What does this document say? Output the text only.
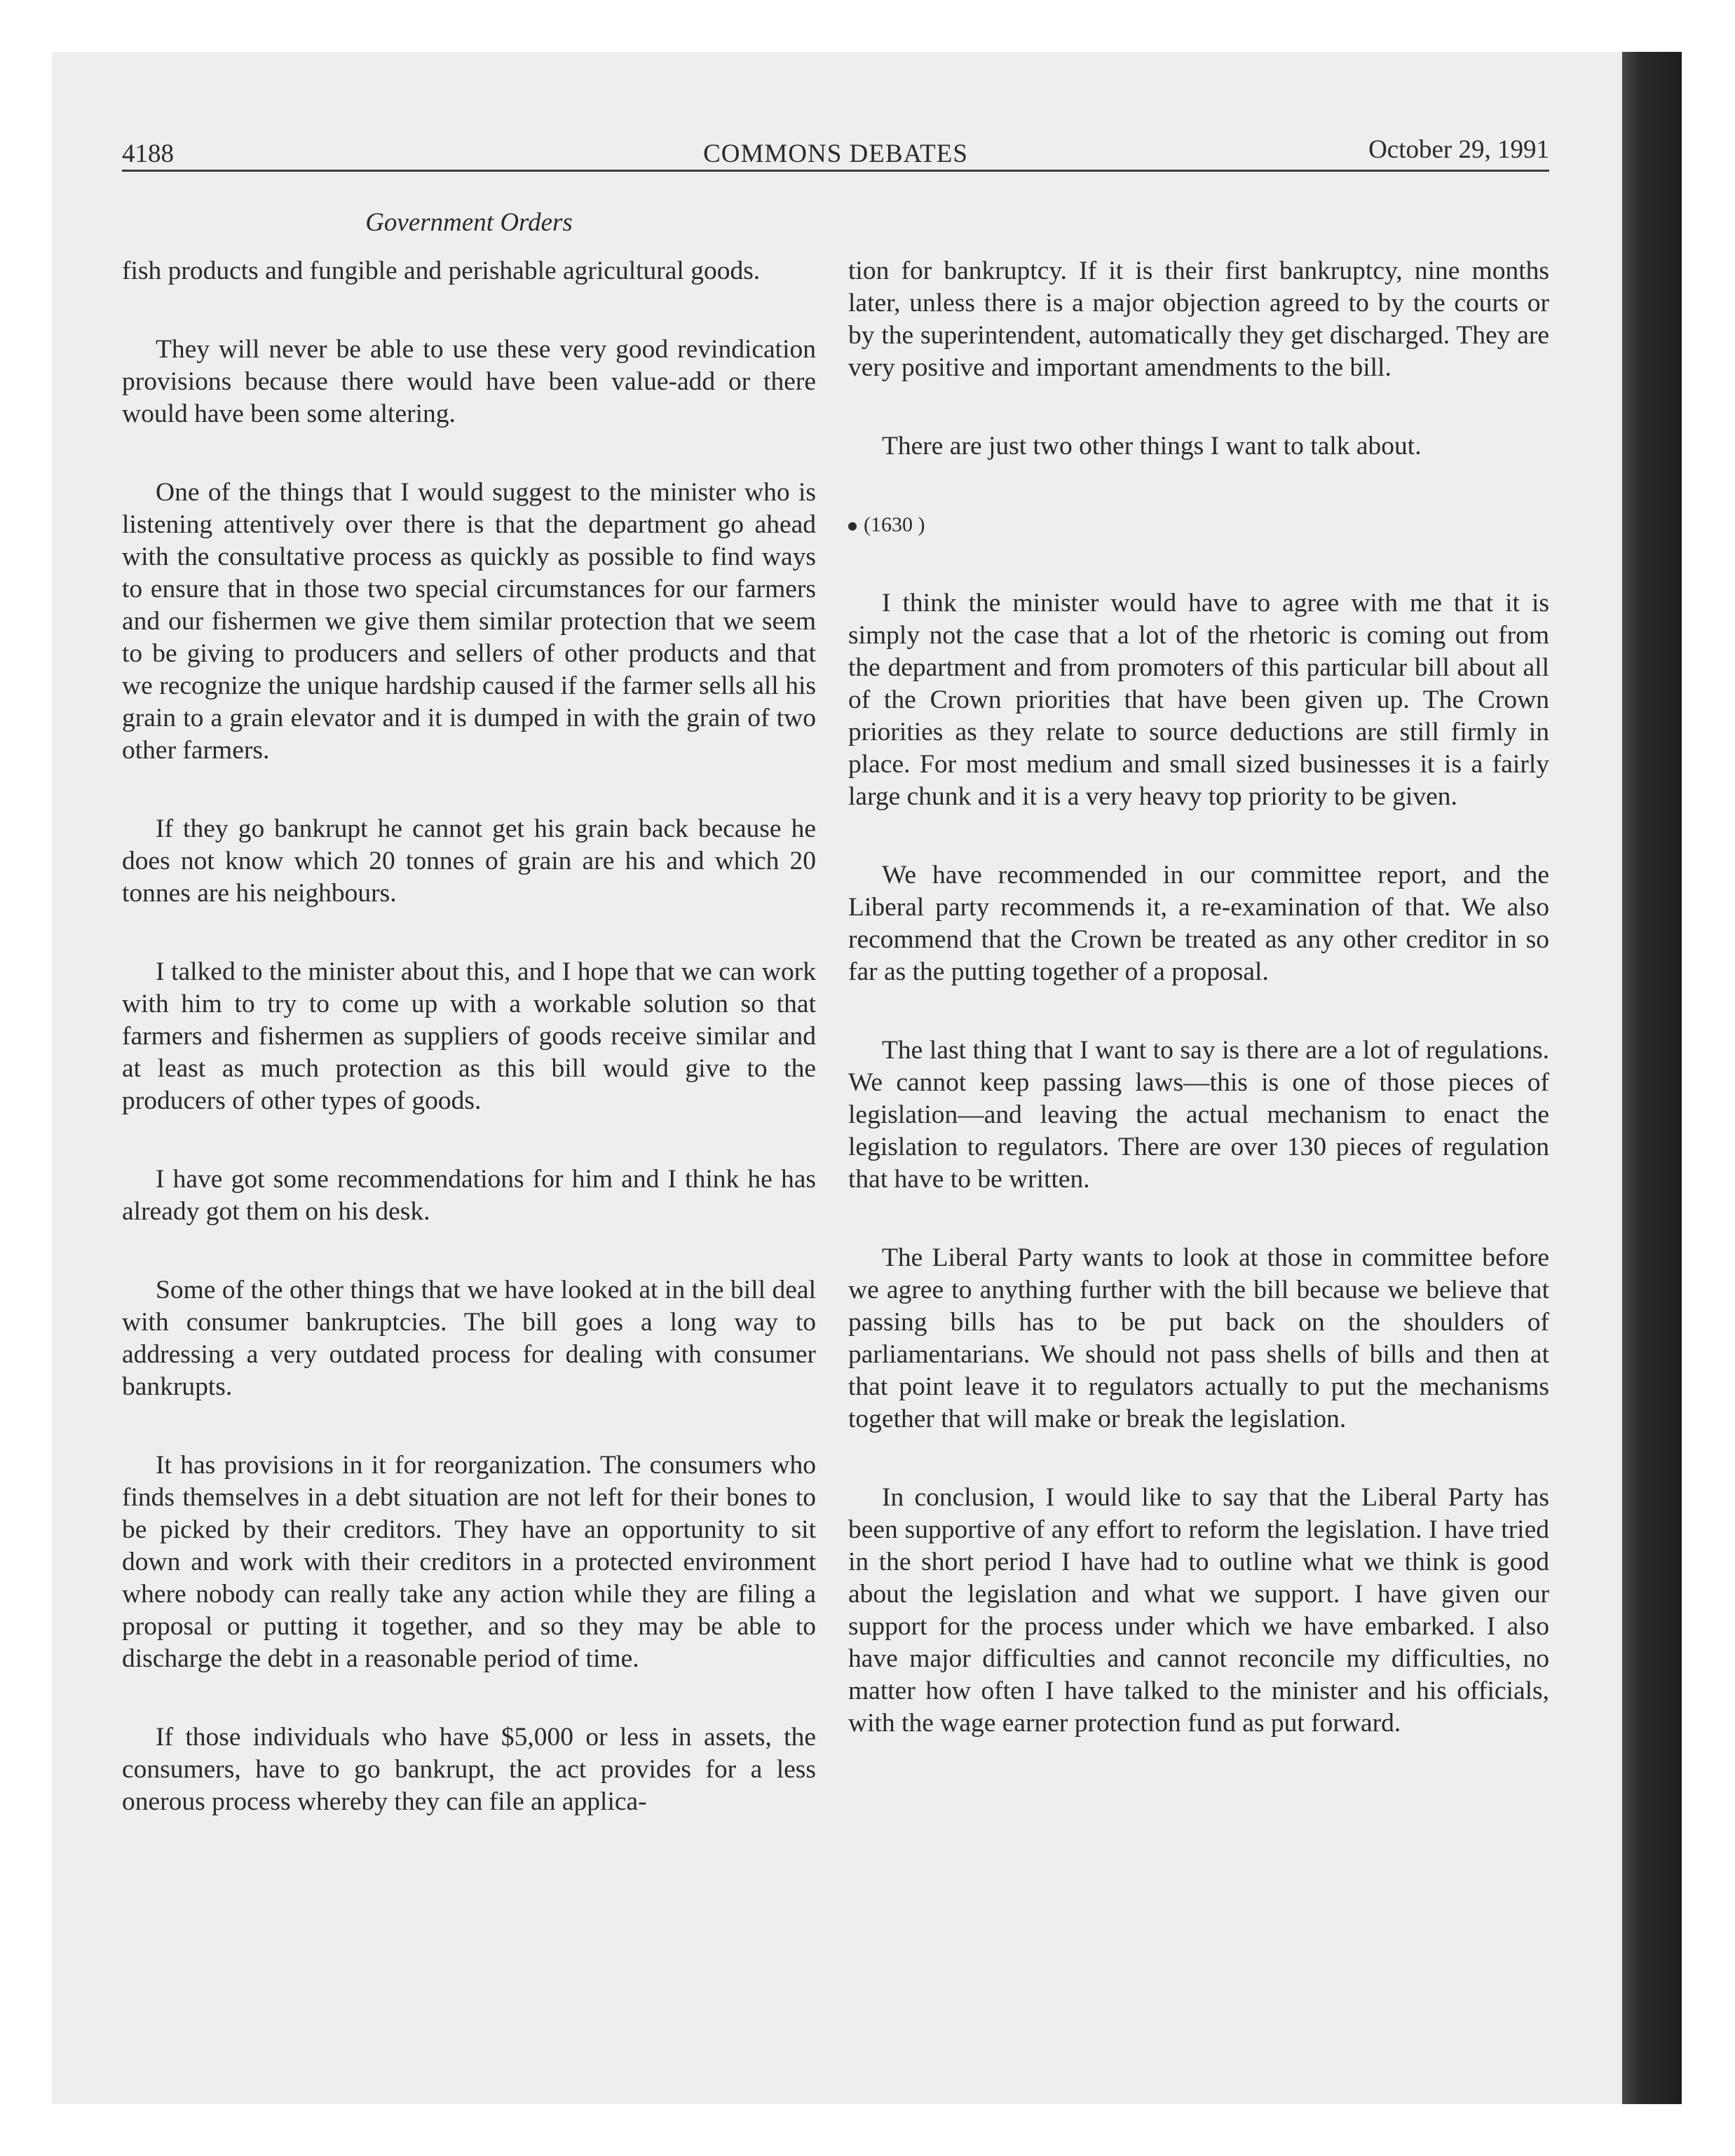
4188	COMMONS DEBATES	October 29, 1991
Government Orders

fish products and fungible and perishable agricultural goods.

They will never be able to use these very good revindication provisions because there would have been value-add or there would have been some altering.

One of the things that I would suggest to the minister who is listening attentively over there is that the department go ahead with the consultative process as quickly as possible to find ways to ensure that in those two special circumstances for our farmers and our fishermen we give them similar protection that we seem to be giving to producers and sellers of other products and that we recognize the unique hardship caused if the farmer sells all his grain to a grain elevator and it is dumped in with the grain of two other farmers.

If they go bankrupt he cannot get his grain back because he does not know which 20 tonnes of grain are his and which 20 tonnes are his neighbours.

I talked to the minister about this, and I hope that we can work with him to try to come up with a workable solution so that farmers and fishermen as suppliers of goods receive similar and at least as much protection as this bill would give to the producers of other types of goods.

I have got some recommendations for him and I think he has already got them on his desk.

Some of the other things that we have looked at in the bill deal with consumer bankruptcies. The bill goes a long way to addressing a very outdated process for dealing with consumer bankrupts.

It has provisions in it for reorganization. The consumers who finds themselves in a debt situation are not left for their bones to be picked by their creditors. They have an opportunity to sit down and work with their creditors in a protected environment where nobody can really take any action while they are filing a proposal or putting it together, and so they may be able to discharge the debt in a reasonable period of time.

If those individuals who have $5,000 or less in assets, the consumers, have to go bankrupt, the act provides for a less onerous process whereby they can file an applica-

tion for bankruptcy. If it is their first bankruptcy, nine months later, unless there is a major objection agreed to by the courts or by the superintendent, automatically they get discharged. They are very positive and important amendments to the bill.

There are just two other things I want to talk about.

(1630 )

I think the minister would have to agree with me that it is simply not the case that a lot of the rhetoric is coming out from the department and from promoters of this particular bill about all of the Crown priorities that have been given up. The Crown priorities as they relate to source deductions are still firmly in place. For most medium and small sized businesses it is a fairly large chunk and it is a very heavy top priority to be given.

We have recommended in our committee report, and the Liberal party recommends it, a re-examination of that. We also recommend that the Crown be treated as any other creditor in so far as the putting together of a proposal.

The last thing that I want to say is there are a lot of regulations. We cannot keep passing laws—this is one of those pieces of legislation—and leaving the actual mechanism to enact the legislation to regulators. There are over 130 pieces of regulation that have to be written.

The Liberal Party wants to look at those in committee before we agree to anything further with the bill because we believe that passing bills has to be put back on the shoulders of parliamentarians. We should not pass shells of bills and then at that point leave it to regulators actually to put the mechanisms together that will make or break the legislation.

In conclusion, I would like to say that the Liberal Party has been supportive of any effort to reform the legislation. I have tried in the short period I have had to outline what we think is good about the legislation and what we support. I have given our support for the process under which we have embarked. I also have major difficulties and cannot reconcile my difficulties, no matter how often I have talked to the minister and his officials, with the wage earner protection fund as put forward.
